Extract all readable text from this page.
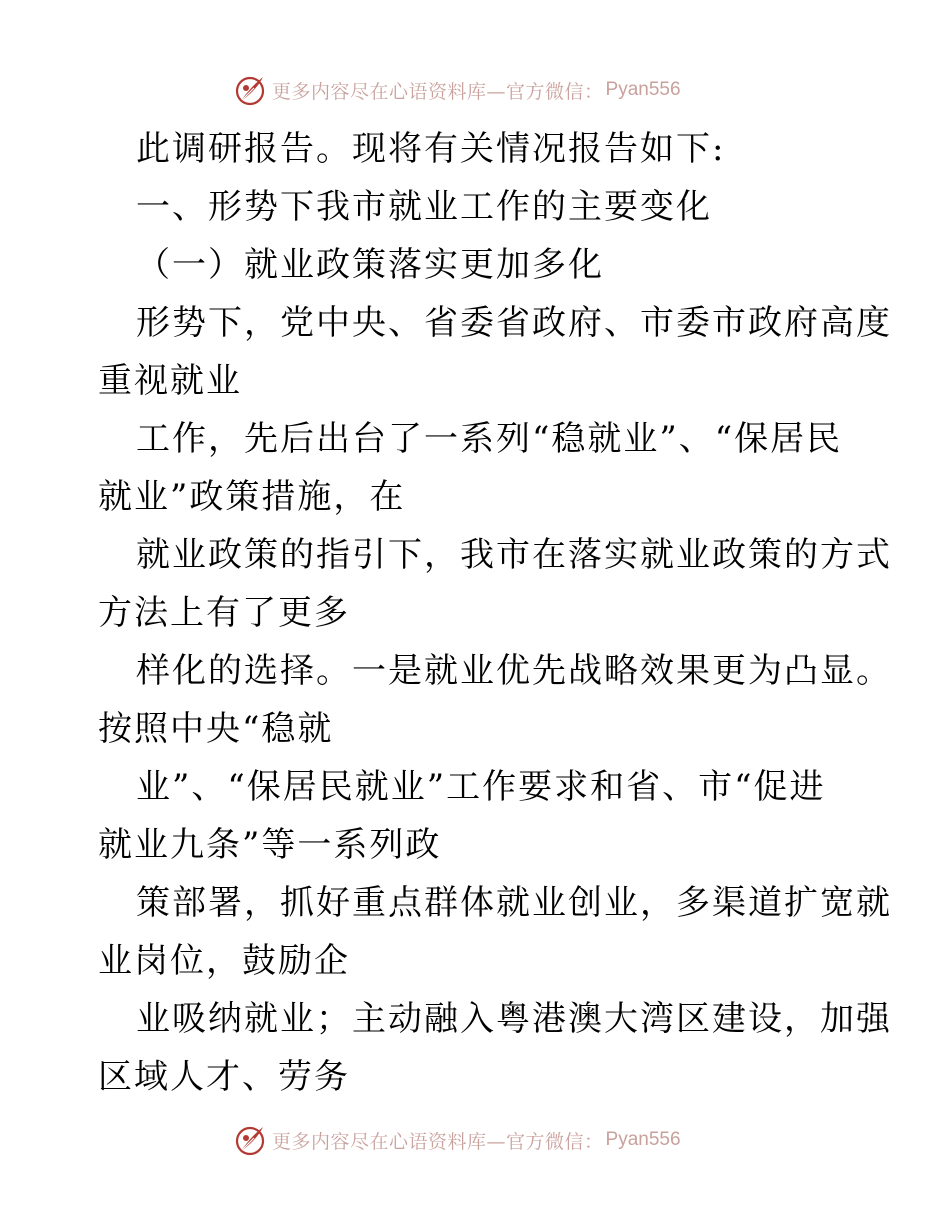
更多内容尽在心语资料库—官方微信： Pyan556
此调研报告。现将有关情况报告如下:
一、形势下我市就业工作的主要变化
（一）就业政策落实更加多化
形势下，党中央、省委省政府、市委市政府高度
重视就业
工作，先后出台了一系列“稳就业”、“保居民
就业”政策措施，在
就业政策的指引下，我市在落实就业政策的方式
方法上有了更多
样化的选择。一是就业优先战略效果更为凸显。
按照中央“稳就
业”、“保居民就业”工作要求和省、市“促进
就业九条”等一系列政
策部署，抓好重点群体就业创业，多渠道扩宽就
业岗位，鼓励企
业吸纳就业；主动融入粤港澳大湾区建设，加强
区域人才、劳务
更多内容尽在心语资料库—官方微信： Pyan556
